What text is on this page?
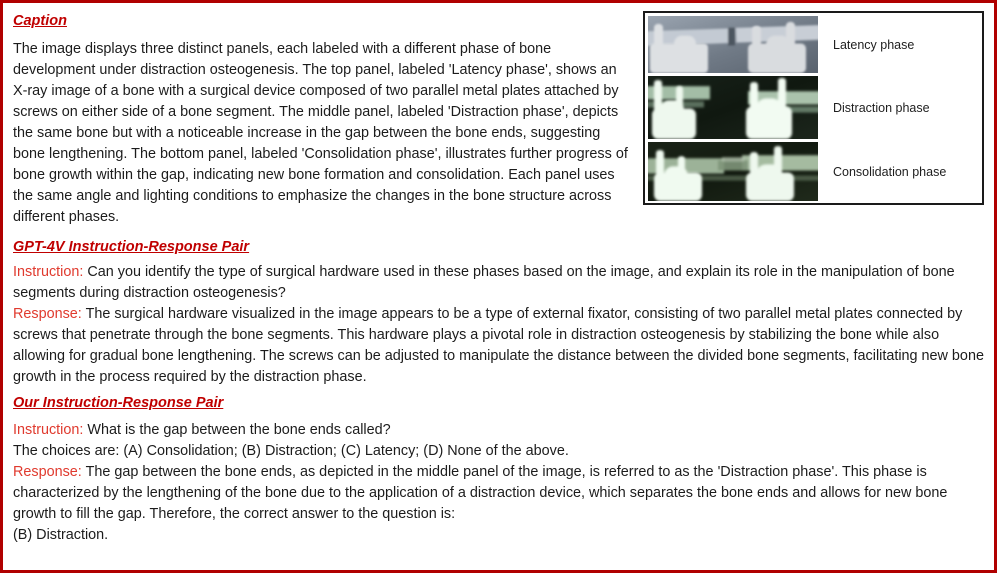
Latency phase
Distraction phase
Consolidation phase
Caption

The image displays three distinct panels, each labeled with a different phase of bone development under distraction osteogenesis. The top panel, labeled 'Latency phase', shows an X-ray image of a bone with a surgical device composed of two parallel metal plates attached by screws on either side of a bone segment. The middle panel, labeled 'Distraction phase', depicts the same bone but with a noticeable increase in the gap between the bone ends, suggesting bone lengthening. The bottom panel, labeled 'Consolidation phase', illustrates further progress of bone growth within the gap, indicating new bone formation and consolidation. Each panel uses the same angle and lighting conditions to emphasize the changes in the bone structure across different phases.

GPT-4V Instruction-Response Pair

Instruction: Can you identify the type of surgical hardware used in these phases based on the image, and explain its role in the manipulation of bone segments during distraction osteogenesis?

Response: The surgical hardware visualized in the image appears to be a type of external fixator, consisting of two parallel metal plates connected by screws that penetrate through the bone segments. This hardware plays a pivotal role in distraction osteogenesis by stabilizing the bone while also allowing for gradual bone lengthening. The screws can be adjusted to manipulate the distance between the divided bone segments, facilitating new bone growth in the process required by the distraction phase.

Our Instruction-Response Pair

Instruction: What is the gap between the bone ends called?

The choices are: (A) Consolidation; (B) Distraction; (C) Latency; (D) None of the above.

Response: The gap between the bone ends, as depicted in the middle panel of the image, is referred to as the 'Distraction phase'. This phase is characterized by the lengthening of the bone due to the application of a distraction device, which separates the bone ends and allows for new bone growth to fill the gap. Therefore, the correct answer to the question is:

(B) Distraction.
